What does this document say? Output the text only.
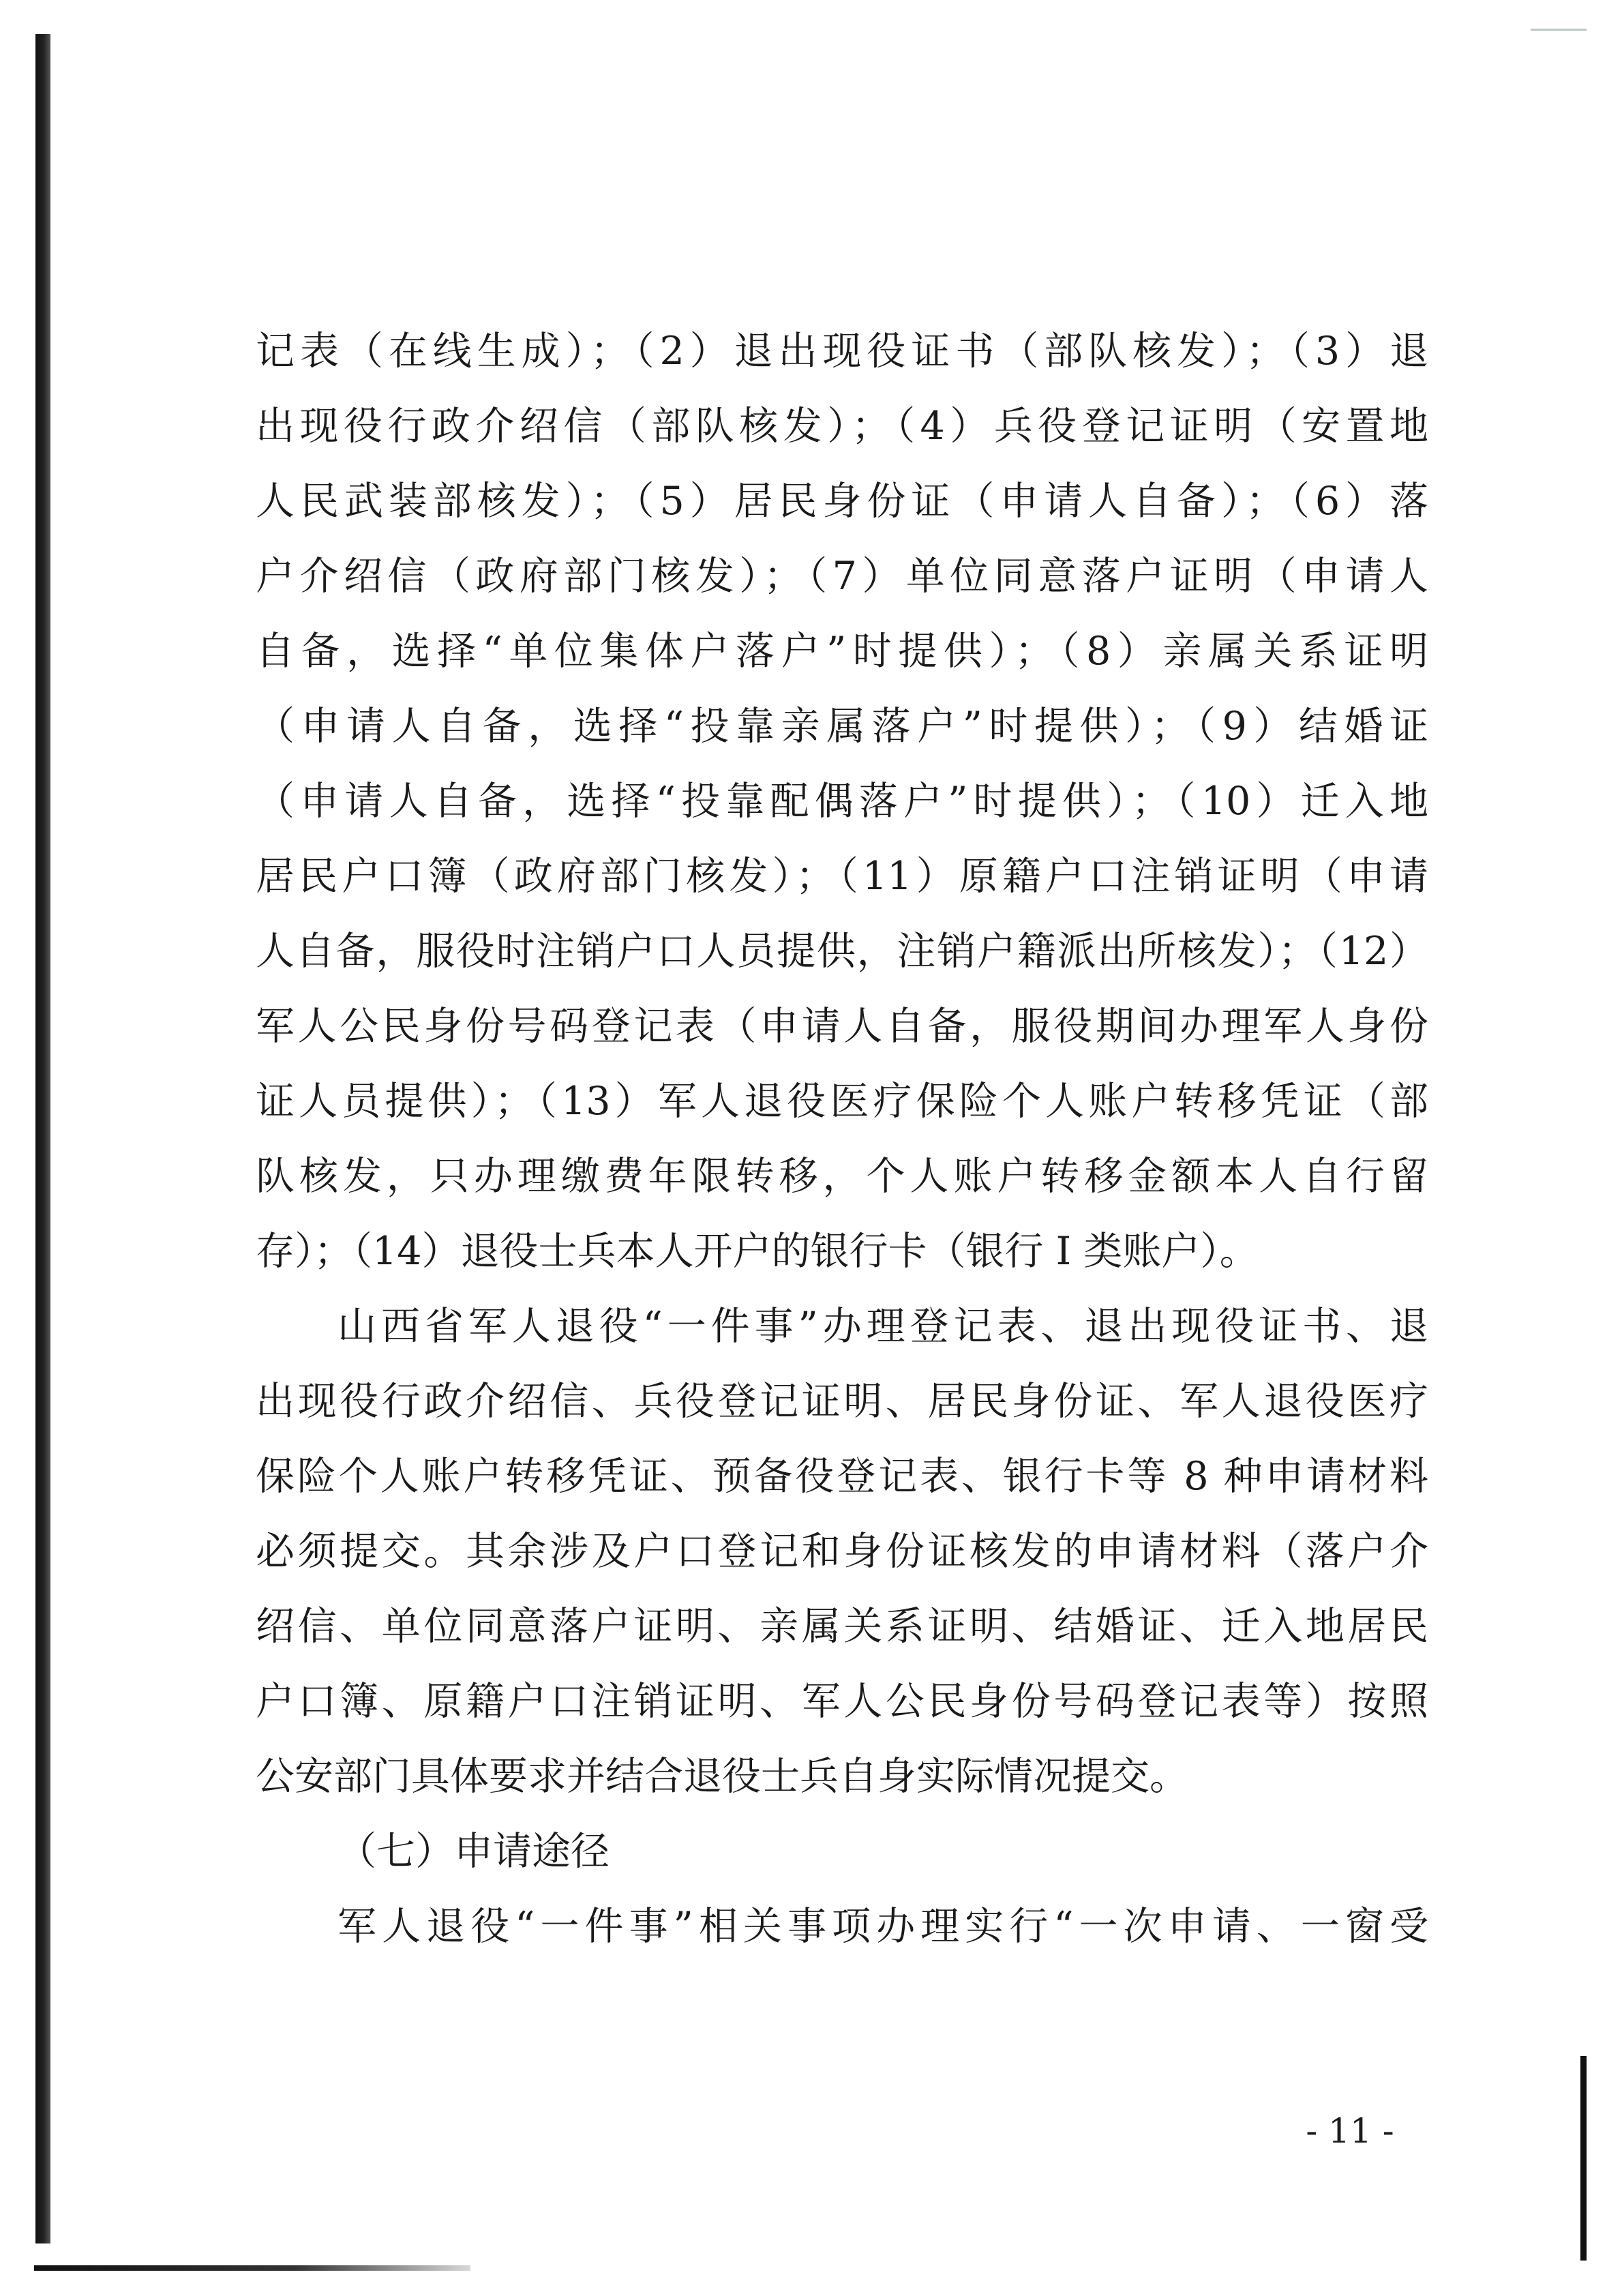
记表（在线生成）；（2）退出现役证书（部队核发）；（3）退
出现役行政介绍信（部队核发）；（4）兵役登记证明（安置地
人民武装部核发）；（5）居民身份证（申请人自备）；（6）落
户介绍信（政府部门核发）；（7）单位同意落户证明（申请人
自备，选择“单位集体户落户”时提供）；（8）亲属关系证明
（申请人自备，选择“投靠亲属落户”时提供）；（9）结婚证
（申请人自备，选择“投靠配偶落户”时提供）；（10）迁入地
居民户口簿（政府部门核发）；（11）原籍户口注销证明（申请
人自备，服役时注销户口人员提供，注销户籍派出所核发）；（12）
军人公民身份号码登记表（申请人自备，服役期间办理军人身份
证人员提供）；（13）军人退役医疗保险个人账户转移凭证（部
队核发，只办理缴费年限转移，个人账户转移金额本人自行留
存）；（14）退役士兵本人开户的银行卡（银行 I 类账户）。
山西省军人退役“一件事”办理登记表、退出现役证书、退
出现役行政介绍信、兵役登记证明、居民身份证、军人退役医疗
保险个人账户转移凭证、预备役登记表、银行卡等 8 种申请材料
必须提交。其余涉及户口登记和身份证核发的申请材料（落户介
绍信、单位同意落户证明、亲属关系证明、结婚证、迁入地居民
户口簿、原籍户口注销证明、军人公民身份号码登记表等）按照
公安部门具体要求并结合退役士兵自身实际情况提交。
（七）申请途径
军人退役“一件事”相关事项办理实行“一次申请、一窗受
- 11 -
